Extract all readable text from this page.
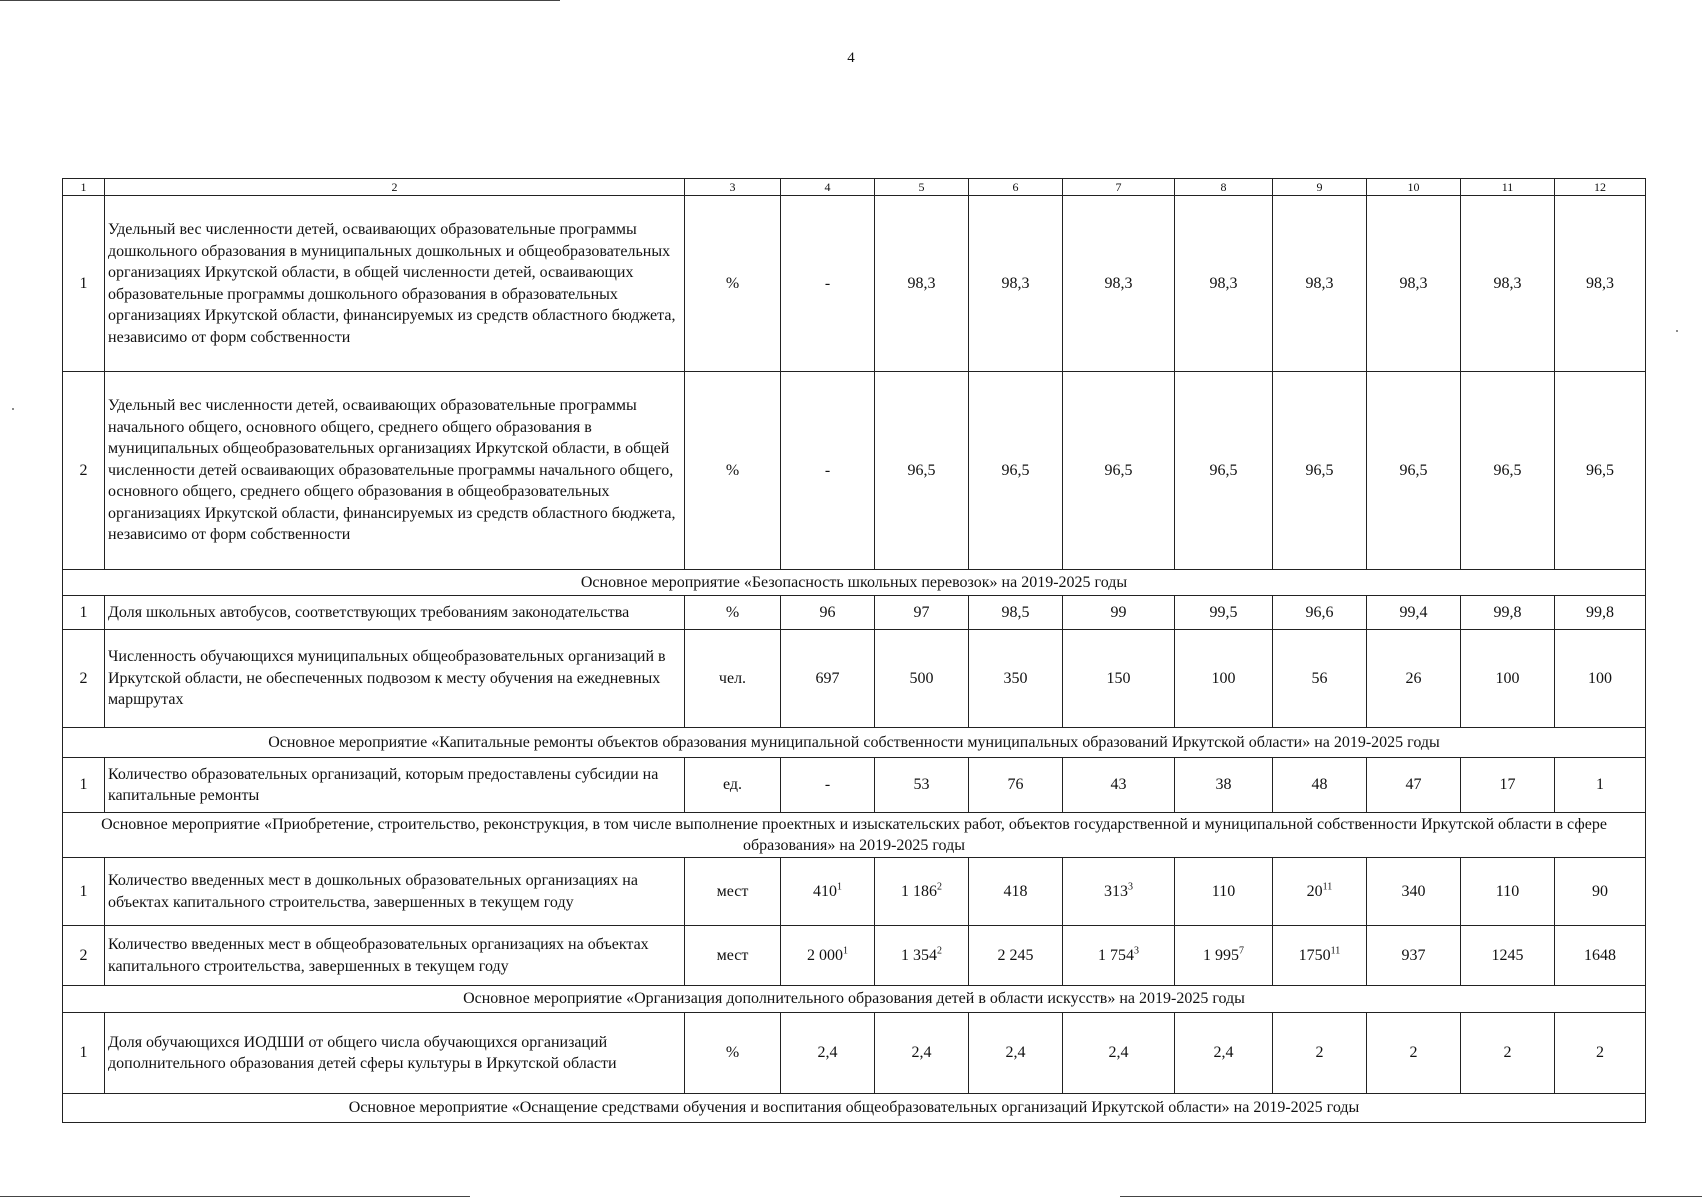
4
1	2	3	4	5	6	7	8	9	10	11	12
1	Удельный вес численности детей, осваивающих образовательные программы дошкольного образования в муниципальных дошкольных и общеобразовательных организациях Иркутской области, в общей численности детей, осваивающих образовательные программы дошкольного образования в образовательных организациях Иркутской области, финансируемых из средств областного бюджета, независимо от форм собственности	%	-	98,3	98,3	98,3	98,3	98,3	98,3	98,3	98,3
2	Удельный вес численности детей, осваивающих образовательные программы начального общего, основного общего, среднего общего образования в муниципальных общеобразовательных организациях Иркутской области, в общей численности детей осваивающих образовательные программы начального общего, основного общего, среднего общего образования в общеобразовательных организациях Иркутской области, финансируемых из средств областного бюджета, независимо от форм собственности	%	-	96,5	96,5	96,5	96,5	96,5	96,5	96,5	96,5
Основное мероприятие «Безопасность школьных перевозок» на 2019-2025 годы											
1	Доля школьных автобусов, соответствующих требованиям законодательства	%	96	97	98,5	99	99,5	96,6	99,4	99,8	99,8
2	Численность обучающихся муниципальных общеобразовательных организаций в Иркутской области, не обеспеченных подвозом к месту обучения на ежедневных маршрутах	чел.	697	500	350	150	100	56	26	100	100
Основное мероприятие «Капитальные ремонты объектов образования муниципальной собственности муниципальных образований Иркутской области» на 2019-2025 годы											
1	Количество образовательных организаций, которым предоставлены субсидии на капитальные ремонты	ед.	-	53	76	43	38	48	47	17	1
Основное мероприятие «Приобретение, строительство, реконструкция, в том числе выполнение проектных и изыскательских работ, объектов государственной и муниципальной собственности Иркутской области в сфере образования» на 2019-2025 годы											
1	Количество введенных мест в дошкольных образовательных организациях на объектах капитального строительства, завершенных в текущем году	мест	$410^1$	1 $186^2$	418	$313^3$	110	$20^{11}$	340	110	90
2	Количество введенных мест в общеобразовательных организациях на объектах капитального строительства, завершенных в текущем году	мест	2 $000^1$	1 $354^2$	2 245	1 $754^3$	1 $995^7$	1750$^{11}$	937	1245	1648
Основное мероприятие «Организация дополнительного образования детей в области искусств» на 2019-2025 годы											
1	Доля обучающихся ИОДШИ от общего числа обучающихся организаций дополнительного образования детей сферы культуры в Иркутской области	%	2,4	2,4	2,4	2,4	2,4	2	2	2	2
Основное мероприятие «Оснащение средствами обучения и воспитания общеобразовательных организаций Иркутской области» на 2019-2025 годы											
